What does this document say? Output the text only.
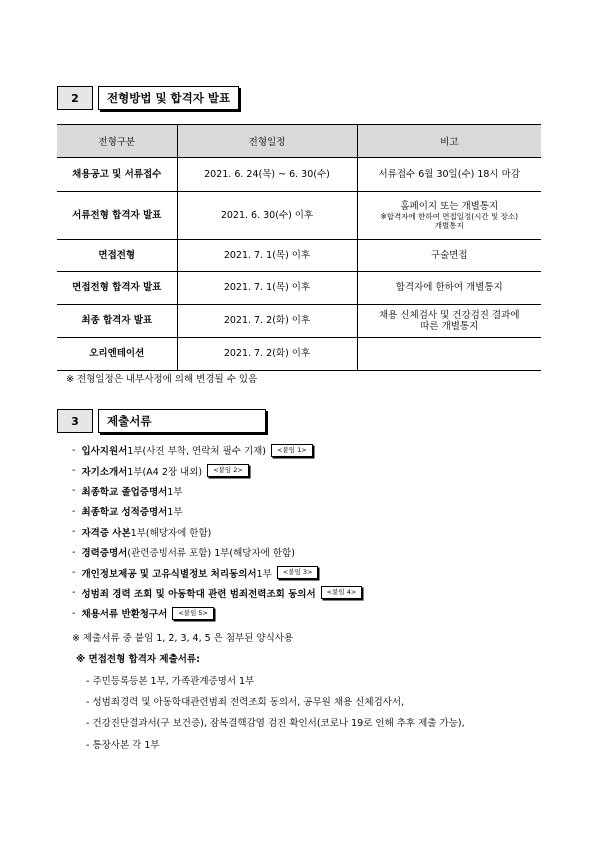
2	전형방법 및 합격자 발표
전형구분	전형일정	비고
채용공고 및 서류접수	2021. 6. 24(목) ~ 6. 30(수)	서류접수 6월 30일(수) 18시 마감
서류전형 합격자 발표	2021. 6. 30(수) 이후	홈페이지 또는 개별통지
※합격자에 한하여 면접일정(시간 및 장소)
개별통지

면접전형	2021. 7. 1(목) 이후	구술면접
면접전형 합격자 발표	2021. 7. 1(목) 이후	합격자에 한하여 개별통지
최종 합격자 발표	2021. 7. 2(화) 이후	채용 신체검사 및 건강검진 결과에
따른 개별통지

오리엔테이션	2021. 7. 2(화) 이후	
※ 전형일정은 내부사정에 의해 변경될 수 있음
3	제출서류
- 입사지원서 1부(사진 부착, 연락처 필수 기재)	<붙임 1>
- 자기소개서 1부(A4 2장 내외)	<붙임 2>
- 최종학교 졸업증명서 1부
- 최종학교 성적증명서 1부
- 자격증 사본 1부(해당자에 한함)
- 경력증명서 (관련증빙서류 포함) 1부(해당자에 한함)
- 개인정보제공 및 고유식별정보 처리동의서 1부	<붙임 3>
- 성범죄 경력 조회 및 아동학대 관련 범죄전력조회 동의서	<붙임 4>
- 채용서류 반환청구서	<붙임 5>
※ 제출서류 중 붙임 1, 2, 3, 4, 5 은 첨부된 양식사용
※ 면접전형 합격자 제출서류:
- 주민등록등본 1부, 가족관계증명서 1부
- 성범죄경력 및 아동학대관련범죄 전력조회 동의서, 공무원 채용 신체검사서,
- 건강진단결과서(구 보건증), 잠복결핵감염 검진 확인서(코로나 19로 인해 추후 제출 가능),
- 통장사본 각 1부
